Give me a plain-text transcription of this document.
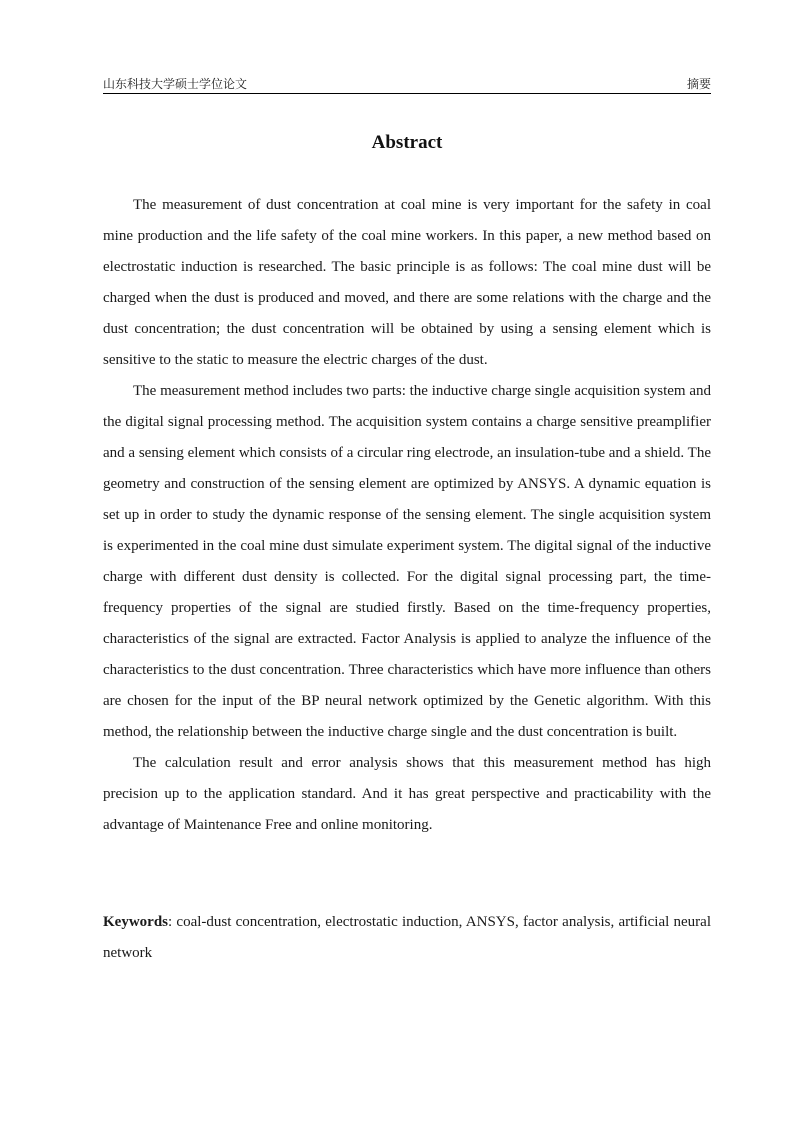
山东科技大学硕士学位论文	摘要
Abstract

The measurement of dust concentration at coal mine is very important for the safety in coal mine production and the life safety of the coal mine workers. In this paper, a new method based on electrostatic induction is researched. The basic principle is as follows: The coal mine dust will be charged when the dust is produced and moved, and there are some relations with the charge and the dust concentration; the dust concentration will be obtained by using a sensing element which is sensitive to the static to measure the electric charges of the dust.

The measurement method includes two parts: the inductive charge single acquisition system and the digital signal processing method. The acquisition system contains a charge sensitive preamplifier and a sensing element which consists of a circular ring electrode, an insulation-tube and a shield. The geometry and construction of the sensing element are optimized by ANSYS. A dynamic equation is set up in order to study the dynamic response of the sensing element. The single acquisition system is experimented in the coal mine dust simulate experiment system. The digital signal of the inductive charge with different dust density is collected. For the digital signal processing part, the time-frequency properties of the signal are studied firstly. Based on the time-frequency properties, characteristics of the signal are extracted. Factor Analysis is applied to analyze the influence of the characteristics to the dust concentration. Three characteristics which have more influence than others are chosen for the input of the BP neural network optimized by the Genetic algorithm. With this method, the relationship between the inductive charge single and the dust concentration is built.

The calculation result and error analysis shows that this measurement method has high precision up to the application standard. And it has great perspective and practicability with the advantage of Maintenance Free and online monitoring.

Keywords: coal-dust concentration, electrostatic induction, ANSYS, factor analysis, artificial neural network
